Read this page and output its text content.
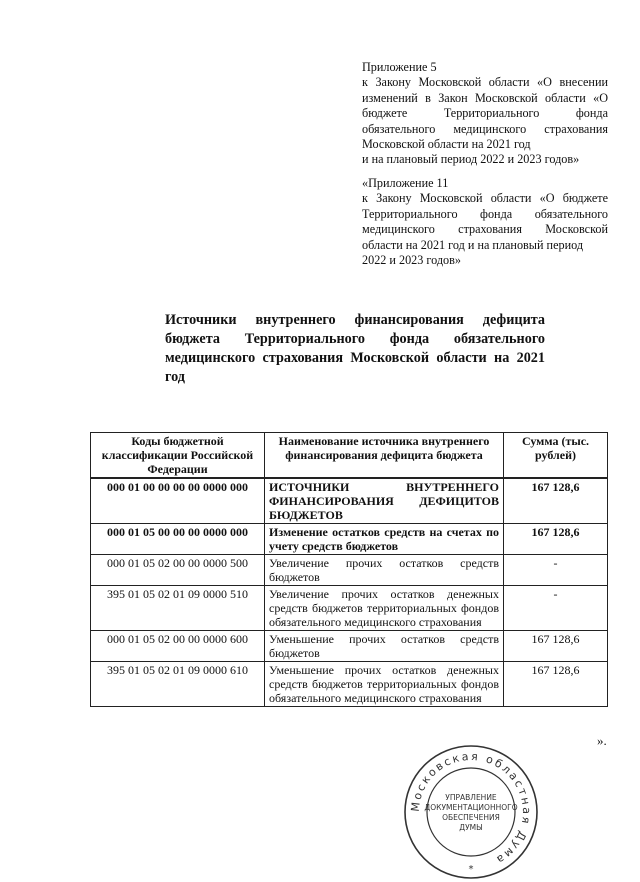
Приложение 5

к Закону Московской области «О внесении изменений в Закон Московской области «О бюджете Территориального фонда обязательного медицинского страхования Московской области на 2021 год

и на плановый период 2022 и 2023 годов»

«Приложение 11

к Закону Московской области «О бюджете Территориального фонда обязательного медицинского страхования Московской области на 2021 год и на плановый период

2022 и 2023 годов»

Источники внутреннего финансирования дефицита бюджета Территориального фонда обязательного медицинского страхования Московской области на 2021 год
Коды бюджетной классификации Российской Федерации	Наименование источника внутреннего финансирования дефицита бюджета	Сумма (тыс. рублей)
000 01 00 00 00 00 0000 000	ИСТОЧНИКИ ВНУТРЕННЕГО ФИНАНСИРОВАНИЯ ДЕФИЦИТОВ БЮДЖЕТОВ	167 128,6
000 01 05 00 00 00 0000 000	Изменение остатков средств на счетах по учету средств бюджетов	167 128,6
000 01 05 02 00 00 0000 500	Увеличение прочих остатков средств бюджетов	-
395 01 05 02 01 09 0000 510	Увеличение прочих остатков денежных средств бюджетов территориальных фондов обязательного медицинского страхования	-
000 01 05 02 00 00 0000 600	Уменьшение прочих остатков средств бюджетов	167 128,6
395 01 05 02 01 09 0000 610	Уменьшение прочих остатков денежных средств бюджетов территориальных фондов обязательного медицинского страхования	167 128,6
».
Московская областная Дума
УПРАВЛЕНИЕ
ДОКУМЕНТАЦИОННОГО
ОБЕСПЕЧЕНИЯ
ДУМЫ
*
